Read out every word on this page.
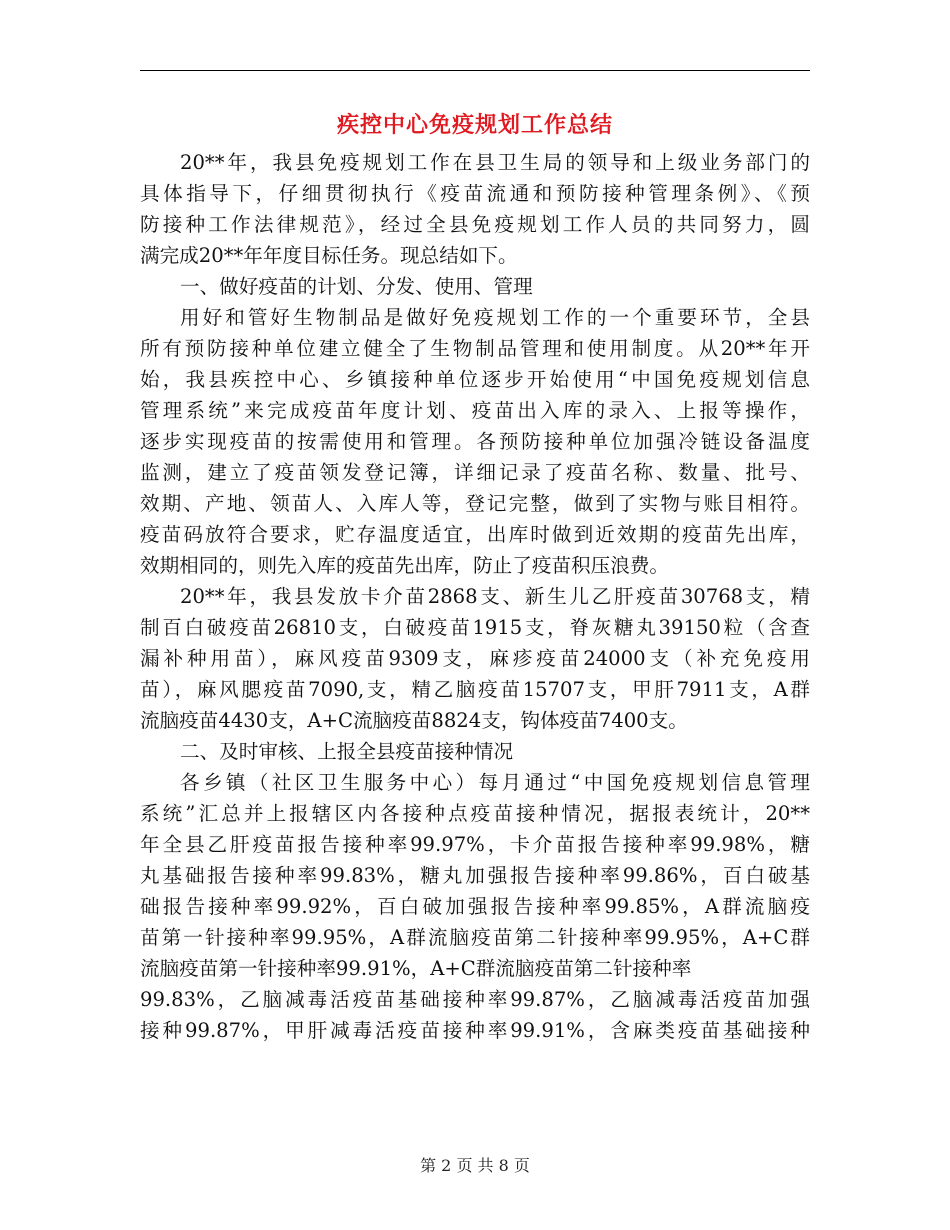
疾控中心免疫规划工作总结
20**年，我县免疫规划工作在县卫生局的领导和上级业务部门的
具体指导下，仔细贯彻执行《疫苗流通和预防接种管理条例》、《预
防接种工作法律规范》，经过全县免疫规划工作人员的共同努力，圆
满完成20**年年度目标任务。现总结如下。
一、做好疫苗的计划、分发、使用、管理
用好和管好生物制品是做好免疫规划工作的一个重要环节，全县
所有预防接种单位建立健全了生物制品管理和使用制度。从20**年开
始，我县疾控中心、乡镇接种单位逐步开始使用“中国免疫规划信息
管理系统”来完成疫苗年度计划、疫苗出入库的录入、上报等操作，
逐步实现疫苗的按需使用和管理。各预防接种单位加强冷链设备温度
监测，建立了疫苗领发登记簿，详细记录了疫苗名称、数量、批号、
效期、产地、领苗人、入库人等，登记完整，做到了实物与账目相符。
疫苗码放符合要求，贮存温度适宜，出库时做到近效期的疫苗先出库，
效期相同的，则先入库的疫苗先出库，防止了疫苗积压浪费。
20**年，我县发放卡介苗2868支、新生儿乙肝疫苗30768支，精
制百白破疫苗26810支，白破疫苗1915支，脊灰糖丸39150粒（含查
漏补种用苗），麻风疫苗9309支，麻疹疫苗24000支（补充免疫用
苗），麻风腮疫苗7090,支，精乙脑疫苗15707支，甲肝7911支，A群
流脑疫苗4430支，A+C流脑疫苗8824支，钩体疫苗7400支。
二、及时审核、上报全县疫苗接种情况
各乡镇（社区卫生服务中心）每月通过“中国免疫规划信息管理
系统”汇总并上报辖区内各接种点疫苗接种情况，据报表统计，20**
年全县乙肝疫苗报告接种率99.97%，卡介苗报告接种率99.98%，糖
丸基础报告接种率99.83%，糖丸加强报告接种率99.86%，百白破基
础报告接种率99.92%，百白破加强报告接种率99.85%，A群流脑疫
苗第一针接种率99.95%，A群流脑疫苗第二针接种率99.95%，A+C群
流脑疫苗第一针接种率99.91%，A+C群流脑疫苗第二针接种率
99.83%，乙脑减毒活疫苗基础接种率99.87%，乙脑减毒活疫苗加强
接种99.87%，甲肝减毒活疫苗接种率99.91%，含麻类疫苗基础接种
第 2 页 共 8 页
